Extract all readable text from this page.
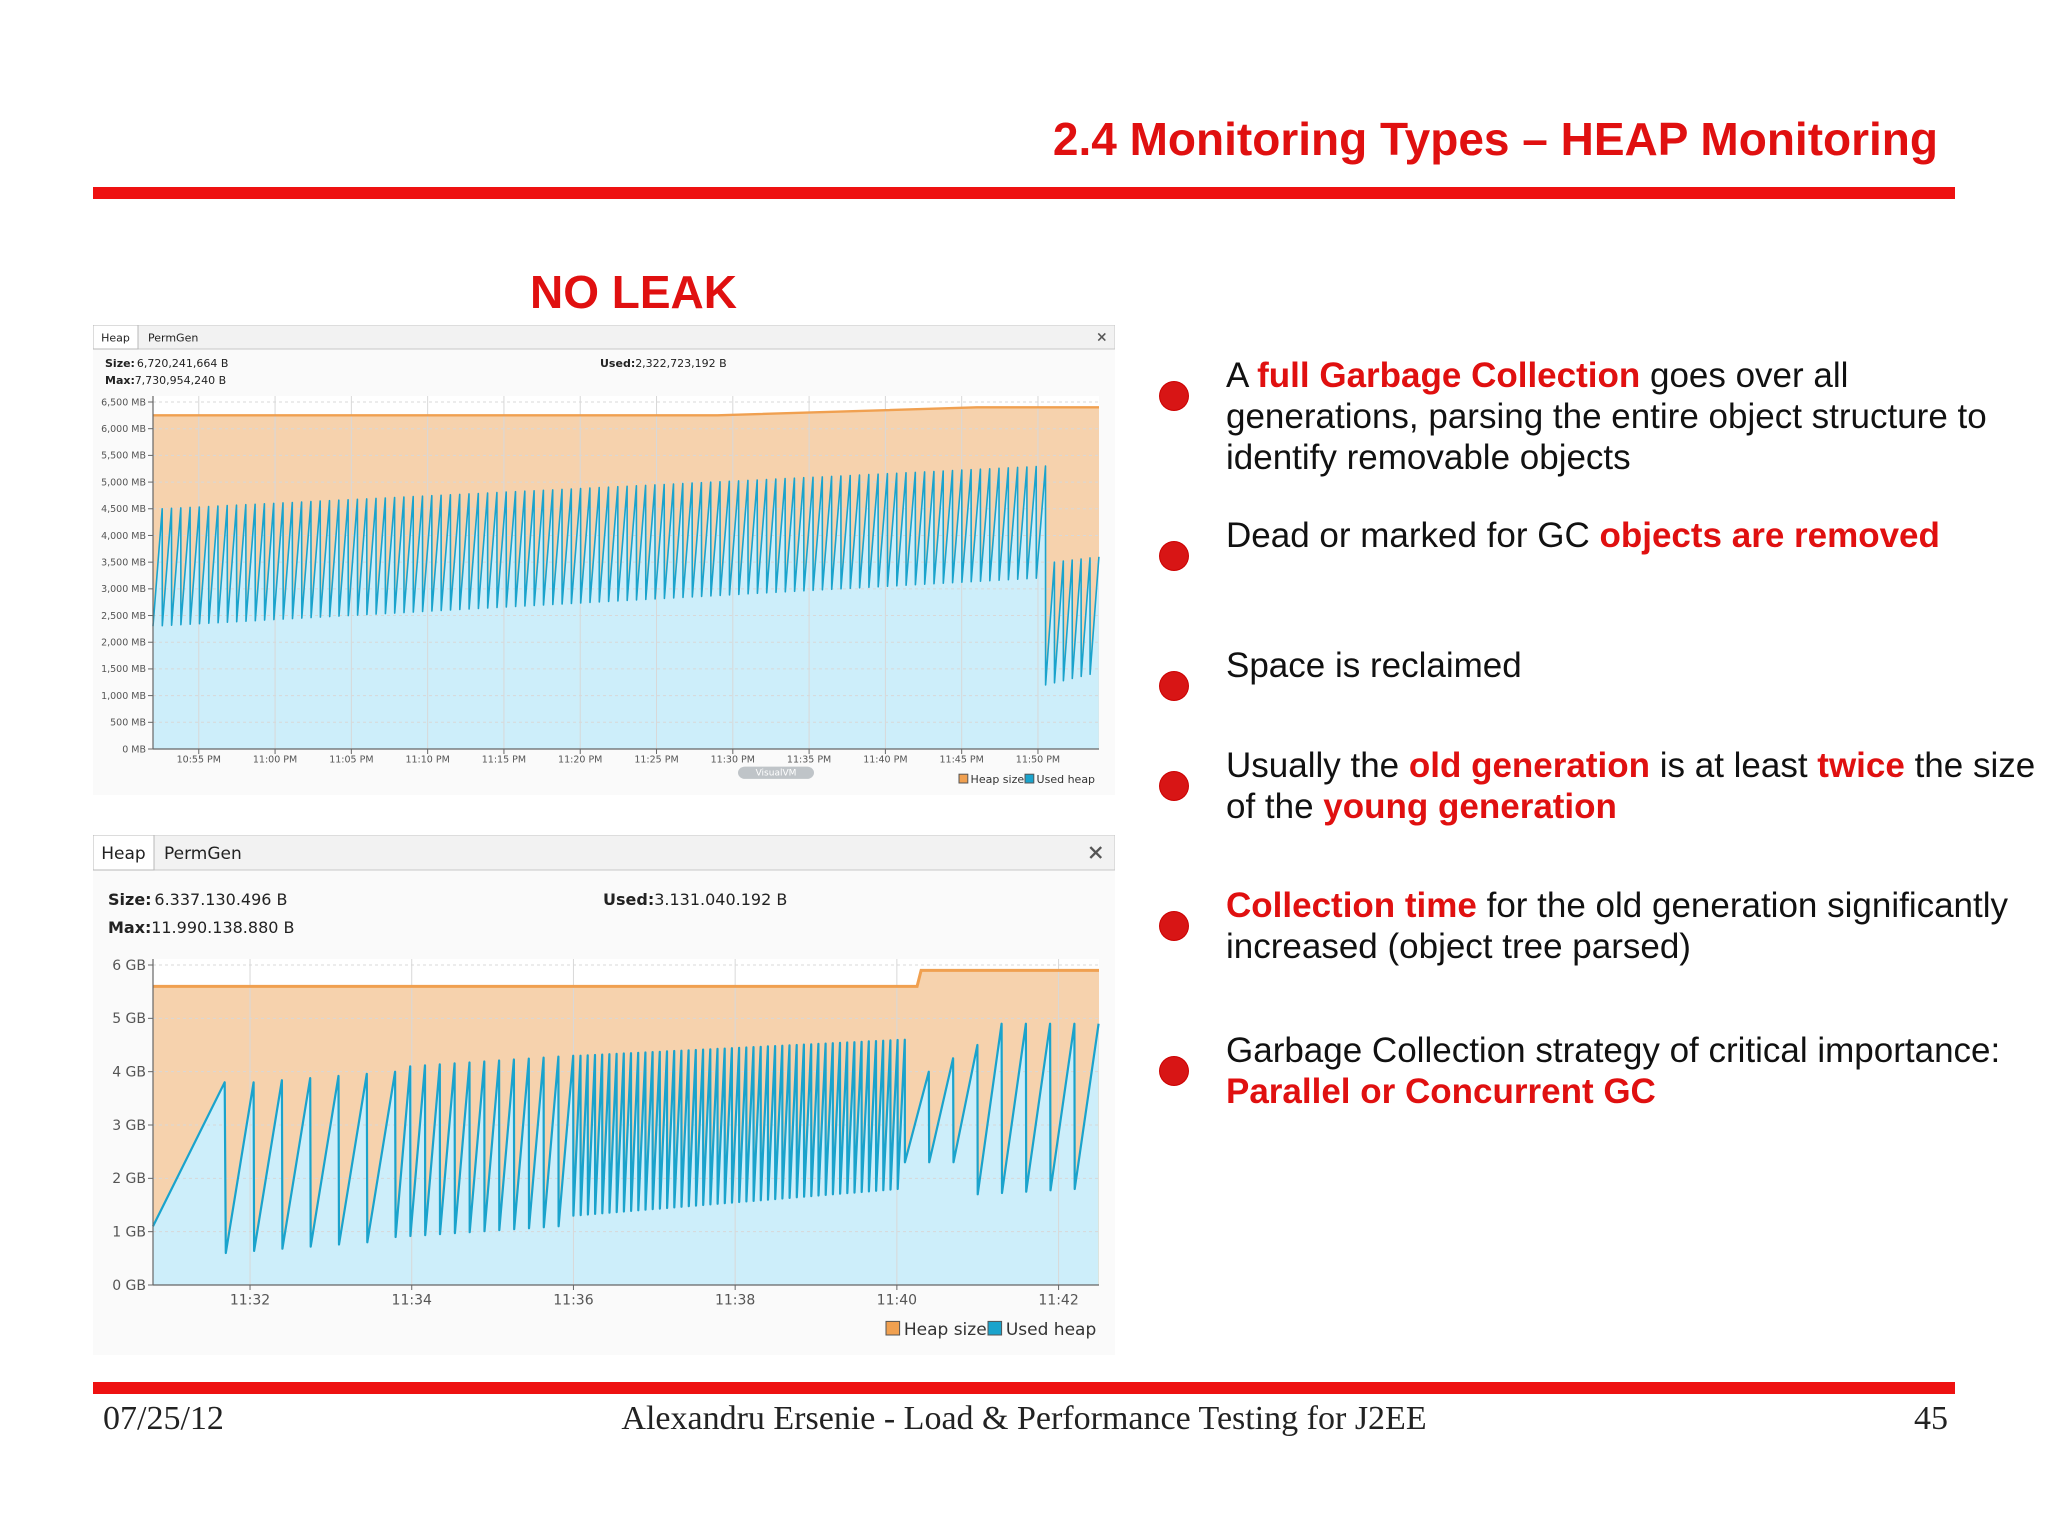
2.4 Monitoring Types – HEAP Monitoring
NO LEAK
Heap PermGen
Size: 6,720,241,664 B
Max: 7,730,954,240 B
Used: 2,322,723,192 B
0 MB
500 MB
1,000 MB
1,500 MB
2,000 MB
2,500 MB
3,000 MB
3,500 MB
4,000 MB
4,500 MB
5,000 MB
5,500 MB
6,000 MB
6,500 MB
10:55 PM	11:00 PM	11:05 PM	11:10 PM	11:15 PM	11:20 PM	11:25 PM	11:30 PM	11:35 PM	11:40 PM	11:45 PM	11:50 PM
VisualVM	Heap size Used heap
Heap PermGen
Size: 6.337.130.496 B
Max: 11.990.138.880 B
Used: 3.131.040.192 B
0 GB
1 GB
2 GB
3 GB
4 GB
5 GB
6 GB
11:32	11:34	11:36	11:38	11:40	11:42
Heap size Used heap
A full Garbage Collection goes over all generations, parsing the entire object structure to identify removable objects
Dead or marked for GC objects are removed
Space is reclaimed
Usually the old generation is at least twice the size of the young generation
Collection time for the old generation significantly increased (object tree parsed)
Garbage Collection strategy of critical importance: Parallel or Concurrent GC
07/25/12	Alexandru Ersenie - Load & Performance Testing for J2EE	45
